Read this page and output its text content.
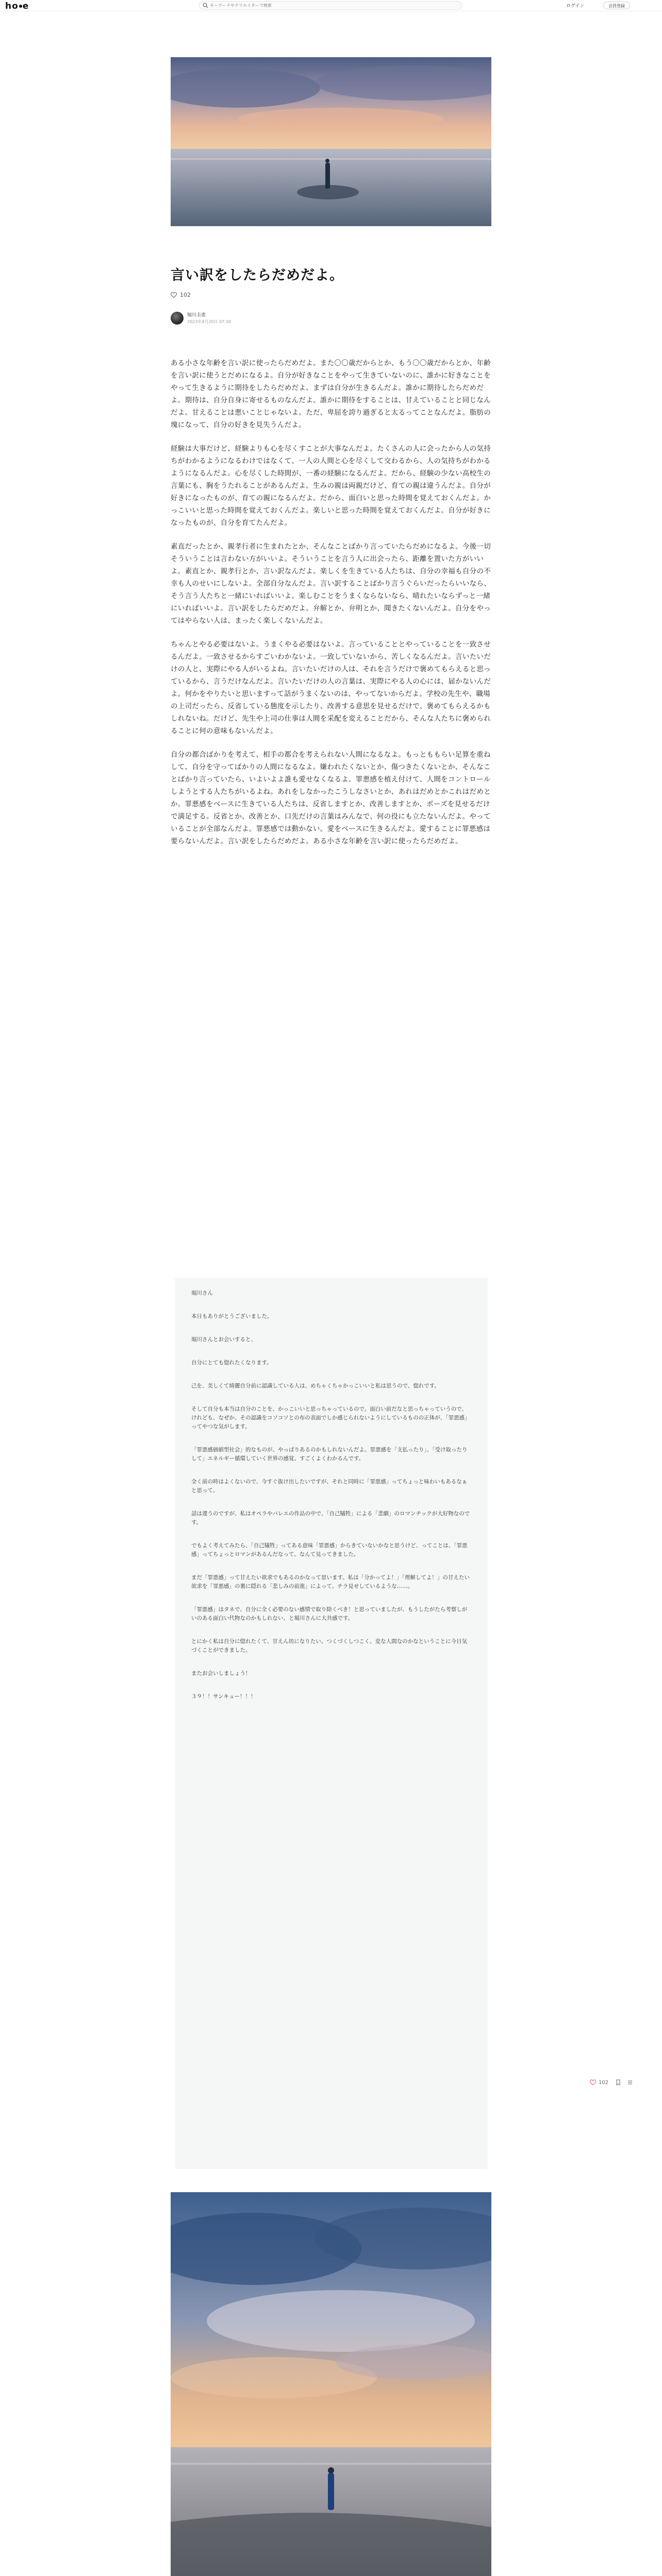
ho e
キーワードやクリエイターで検索	ログイン	会員登録
言い訳をしたらだめだよ。
102
堀川圭恵
2023年4月20日 07:30

ある小さな年齢を言い訳に使ったらだめだよ。また〇〇歳だからとか、もう〇〇歳だからとか、年齢を言い訳に使うとだめになるよ。自分が好きなことをやって生きていないのに、誰かに好きなことをやって生きるように期待をしたらだめだよ。まずは自分が生きるんだよ。誰かに期待したらだめだよ。期待は、自分自身に寄せるものなんだよ。誰かに期待をすることは、甘えていることと同じなんだよ。甘えることは悪いことじゃないよ。ただ、卑屈を誇り過ぎると太るってことなんだよ。脂肪の塊になって、自分の好きを見失うんだよ。

経験は大事だけど、経験よりも心を尽くすことが大事なんだよ。たくさんの人に会ったから人の気持ちがわかるようになるわけではなくて、一人の人間と心を尽くして交わるから、人の気持ちがわかるようになるんだよ。心を尽くした時間が、一番の経験になるんだよ。だから、経験の少ない高校生の言葉にも、胸をうたれることがあるんだよ。生みの親は両親だけど、育ての親は違うんだよ。自分が好きになったものが、育ての親になるんだよ。だから、面白いと思った時間を覚えておくんだよ。かっこいいと思った時間を覚えておくんだよ。楽しいと思った時間を覚えておくんだよ。自分が好きになったものが、自分を育てたんだよ。

素直だったとか、親孝行者に生まれたとか、そんなことばかり言っていたらだめになるよ。今後一切そういうことは言わない方がいいよ。そういうことを言う人に出会ったら、距離を置いた方がいいよ。素直とか、親孝行とか、言い訳なんだよ。楽しくを生きている人たちは、自分の幸福も自分の不幸も人のせいにしないよ。全部自分なんだよ。言い訳することばかり言うぐらいだったらいいなら、そう言う人たちと一緒にいればいいよ。楽しむことをうまくならないなら、晴れたいならずっと一緒にいればいいよ。言い訳をしたらだめだよ。弁解とか、弁明とか、聞きたくないんだよ。自分をやってはやらない人は、まったく楽しくないんだよ。

ちゃんとやる必要はないよ。うまくやる必要はないよ。言っていることとやっていることを一致させるんだよ。一致させるからすごいわかないよ。一致していないから、苦しくなるんだよ。言いたいだけの人と、実際にやる人がいるよね。言いたいだけの人は、それを言うだけで褒めてもらえると思っているから、言うだけなんだよ。言いたいだけの人の言葉は、実際にやる人の心には、届かないんだよ。何かをやりたいと思いますって話がうまくないのは、やってないからだよ。学校の先生や、職場の上司だったら、反省している態度を示したり、改善する意思を見せるだけで、褒めてもらえるかもしれないね。だけど、先生や上司の仕事は人間を采配を変えることだから、そんな人たちに褒められることに何の意味もないんだよ。

自分の都合ばかりを考えて、相手の都合を考えられない人間になるなよ。もっとももらい足算を重ねして、自分を守ってばかりの人間になるなよ。嫌われたくないとか、傷つきたくないとか、そんなことばかり言っていたら、いよいよよ誰も愛せなくなるよ。罪悪感を植え付けて、人間をコントロールしようとする人たちがいるよね。あれをしなかったこうしなさいとか、あれはだめとかこれはだめとか。罪悪感をベースに生きている人たちは、反省しますとか、改善しますとか、ポーズを見せるだけで満足する。反省とか、改善とか、口先だけの言葉はみんなで、何の役にも立たないんだよ。やっていることが全部なんだよ。罪悪感では動かない。愛をベースに生きるんだよ。愛することに罪悪感は要らないんだよ。言い訳をしたらだめだよ。ある小さな年齢を言い訳に使ったらだめだよ。

堀川さん

本日もありがとうございました。

堀川さんとお会いすると、

自分にとても惚れたくなります。

己を、美しくて綺麗自分前に認識している人は、めちゃくちゃかっこいいと私は思うので、惚れです。

そして自分も本当は自分のことを、かっこいいと思っちゃっているので。面白い前だなと思っちゃっていうので、けれども、なぜか、その認識をコソコソとの布の表面でしか感じられないようにしているものの正体が、「罪悪感」ってやつな気がします。

「罪悪感価値型社会」的なものが、やっぱりあるのかもしれないんだよ。罪悪感を「支払ったり」、「受け取ったりして」エネルギー循環していく世界の感覚、すごくよくわかるんです。

全く前の時はよくないので、今すぐ抜け出したいですが、それと同時に「罪悪感」ってちょっと味わいもあるなぁと思って。

話は違うのですが、私はオペラやバレエの作品の中で、「自己犠牲」による「悲劇」のロマンチックが大好物なのです。

でもよく考えてみたら、「自己犠牲」ってある意味「罪悪感」からきていないかなと思うけど、ってことは、「罪悪感」ってちょっとロマンがあるんだなって、なんて見ってきました。

まだ「罪悪感」って甘えたい欲求でもあるのかなって思います。私は「分かってよ！」「理解してよ！」の甘えたい欲求を「罪悪感」の裏に隠れる「悲しみの前進」によって、チラ見せしているような……。

「罪悪感」はタネで、自分に全く必要のない感情で取り除くべき！と思っていましたが、もうしたがたら考察しがいのある面白い代物なのかもしれない、と堀川さんに大共感です。

とにかく私は自分に惚れたくて、甘えん坊になりたい。つくづくしつこく、変な人間なのかなということに今日気づくことができました。

またお会いしましょう！

３９！！サンキュー！！！

102
